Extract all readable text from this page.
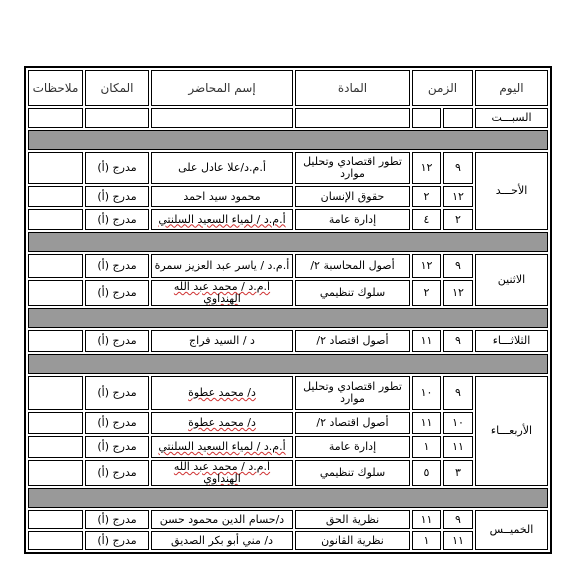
اليوم	الزمن		المادة	إسم المحاضر	المكان	ملاحظات
السبـــت						

الأحـــد	٩	١٢	تطور اقتصادي وتحليل موارد	أ.م.د/علا عادل على	مدرج (أ)	
	١٢	٢	حقوق الإنسان	محمود سيد احمد	مدرج (أ)	
	٢	٤	إدارة عامة	أ.م.د / لمياء السعيد السلنتي	مدرج (أ)	

الاثنين	٩	١٢	أصول المحاسبة ٢/	أ.م.د / ياسر عبد العزيز سمرة	مدرج (أ)	
	١٢	٢	سلوك تنظيمي	أ.م.د / محمد عبد الله الهنداوي	مدرج (أ)	

الثلاثـــاء	٩	١١	أصول اقتصاد ٢/	د / السيد فراج	مدرج (أ)	

الأربعـــاء	٩	١٠	تطور اقتصادي وتحليل موارد	د/ محمد عطوة	مدرج (أ)	
	١٠	١١	أصول اقتصاد ٢/	د/ محمد عطوة	مدرج (أ)	
	١١	١	إدارة عامة	أ.م.د / لمياء السعيد السلنتي	مدرج (أ)	
	٣	٥	سلوك تنظيمي	أ.م.د / محمد عبد الله الهنداوي	مدرج (أ)	

الخميــس	٩	١١	نظرية الحق	د/حسام الدين محمود حسن	مدرج (أ)	
	١١	١	نظرية القانون	د/ مني أبو بكر الصديق	مدرج (أ)	
